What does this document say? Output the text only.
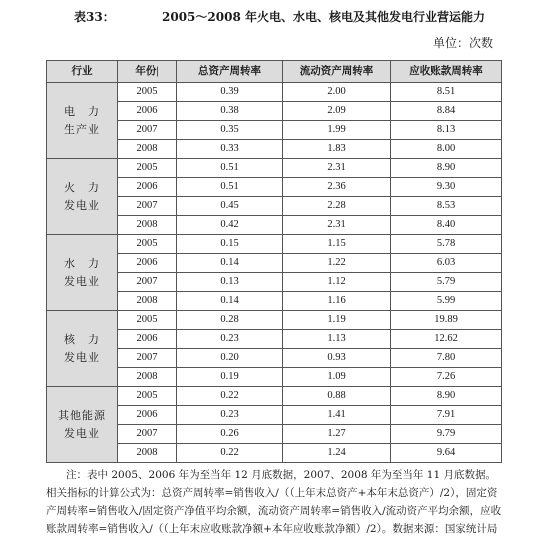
表33：	2005～2008 年火电、水电、核电及其他发电行业营运能力
单位：次数
行业	年份|	总资产周转率	流动资产周转率	应收账款周转率

电　力
生产业	2005	0.39	2.00	8.51
	2006	0.38	2.09	8.84
	2007	0.35	1.99	8.13
	2008	0.33	1.83	8.00

火　力
发电业	2005	0.51	2.31	8.90
	2006	0.51	2.36	9.30
	2007	0.45	2.28	8.53
	2008	0.42	2.31	8.40

水　力
发电业	2005	0.15	1.15	5.78
	2006	0.14	1.22	6.03
	2007	0.13	1.12	5.79
	2008	0.14	1.16	5.99

核　力
发电业	2005	0.28	1.19	19.89
	2006	0.23	1.13	12.62
	2007	0.20	0.93	7.80
	2008	0.19	1.09	7.26

其他能源
发电业	2005	0.22	0.88	8.90
	2006	0.23	1.41	7.91
	2007	0.26	1.27	9.79
	2008	0.22	1.24	9.64
注：表中 2005、2006 年为至当年 12 月底数据，2007、2008 年为至当年 11 月底数据。相关指标的计算公式为：总资产周转率=销售收入/（（上年末总资产+本年末总资产）/2），固定资产周转率=销售收入/固定资产净值平均余额，流动资产周转率=销售收入/流动资产平均余额，应收账款周转率=销售收入/（（上年末应收账款净额+本年应收账款净额）/2）。数据来源：国家统计局
